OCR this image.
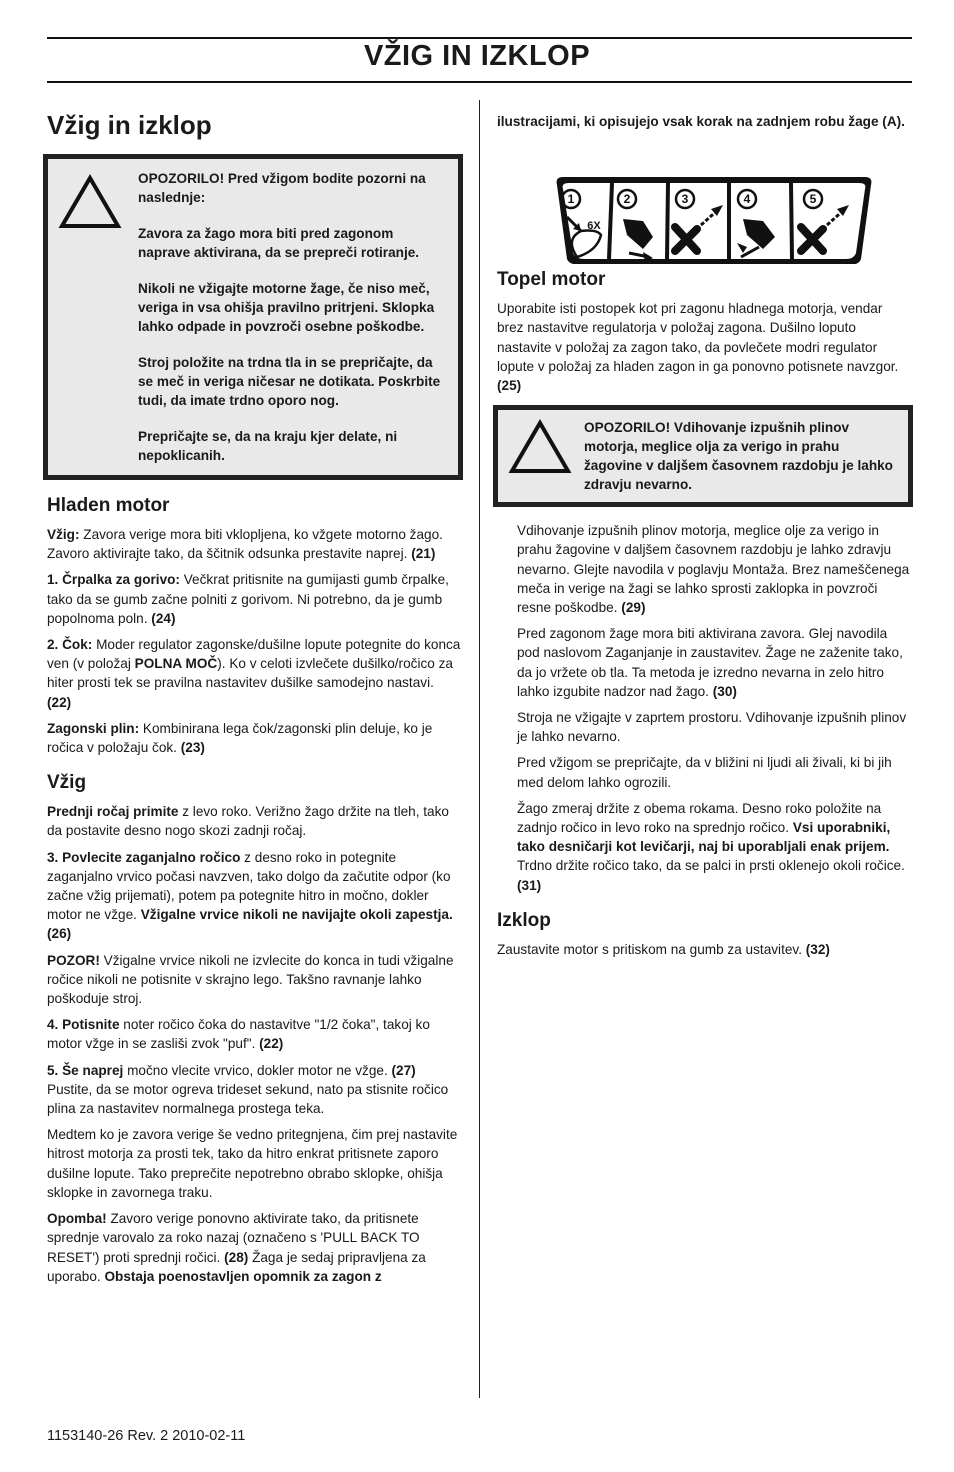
VŽIG IN IZKLOP
Vžig in izklop
OPOZORILO! Pred vžigom bodite pozorni na naslednje:
Zavora za žago mora biti pred zagonom naprave aktivirana, da se prepreči rotiranje.
Nikoli ne vžigajte motorne žage, če niso meč, veriga in vsa ohišja pravilno pritrjeni. Sklopka lahko odpade in povzroči osebne poškodbe.
Stroj položite na trdna tla in se prepričajte, da se meč in veriga ničesar ne dotikata. Poskrbite tudi, da imate trdno oporo nog.
Prepričajte se, da na kraju kjer delate, ni nepoklicanih.
Hladen motor

Vžig: Zavora verige mora biti vklopljena, ko vžgete motorno žago. Zavoro aktivirajte tako, da ščitnik odsunka prestavite naprej. (21)

1. Črpalka za gorivo: Večkrat pritisnite na gumijasti gumb črpalke, tako da se gumb začne polniti z gorivom. Ni potrebno, da je gumb popolnoma poln. (24)

2. Čok: Moder regulator zagonske/dušilne lopute potegnite do konca ven (v položaj POLNA MOČ). Ko v celoti izvlečete dušilko/ročico za hiter prosti tek se pravilna nastavitev dušilke samodejno nastavi. (22)

Zagonski plin: Kombinirana lega čok/zagonski plin deluje, ko je ročica v položaju čok. (23)

Vžig

Prednji ročaj primite z levo roko. Verižno žago držite na tleh, tako da postavite desno nogo skozi zadnji ročaj.

3. Povlecite zaganjalno ročico z desno roko in potegnite zaganjalno vrvico počasi navzven, tako dolgo da začutite odpor (ko začne vžig prijemati), potem pa potegnite hitro in močno, dokler motor ne vžge. Vžigalne vrvice nikoli ne navijajte okoli zapestja. (26)

POZOR! Vžigalne vrvice nikoli ne izvlecite do konca in tudi vžigalne ročice nikoli ne potisnite v skrajno lego. Takšno ravnanje lahko poškoduje stroj.

4. Potisnite noter ročico čoka do nastavitve "1/2 čoka", takoj ko motor vžge in se zasliši zvok "puf". (22)

5. Še naprej močno vlecite vrvico, dokler motor ne vžge. (27) Pustite, da se motor ogreva trideset sekund, nato pa stisnite ročico plina za nastavitev normalnega prostega teka.

Medtem ko je zavora verige še vedno pritegnjena, čim prej nastavite hitrost motorja za prosti tek, tako da hitro enkrat pritisnete zaporo dušilne lopute. Tako preprečite nepotrebno obrabo sklopke, ohišja sklopke in zavornega traku.

Opomba! Zavoro verige ponovno aktivirate tako, da pritisnete sprednje varovalo za roko nazaj (označeno s 'PULL BACK TO RESET') proti sprednji ročici. (28) Žaga je sedaj pripravljena za uporabo. Obstaja poenostavljen opomnik za zagon z

ilustracijami, ki opisujejo vsak korak na zadnjem robu žage (A).

1	2	3	4	5
6X
Topel motor

Uporabite isti postopek kot pri zagonu hladnega motorja, vendar brez nastavitve regulatorja v položaj zagona. Dušilno loputo nastavite v položaj za zagon tako, da povlečete modri regulator lopute v položaj za hladen zagon in ga ponovno potisnete navzgor. (25)

OPOZORILO! Vdihovanje izpušnih plinov motorja, meglice olja za verigo in prahu žagovine v daljšem časovnem razdobju je lahko zdravju nevarno.

Vdihovanje izpušnih plinov motorja, meglice olje za verigo in prahu žagovine v daljšem časovnem razdobju je lahko zdravju nevarno. Glejte navodila v poglavju Montaža. Brez nameščenega meča in verige na žagi se lahko sprosti zaklopka in povzroči resne poškodbe. (29)

Pred zagonom žage mora biti aktivirana zavora. Glej navodila pod naslovom Zaganjanje in zaustavitev. Žage ne zaženite tako, da jo vržete ob tla. Ta metoda je izredno nevarna in zelo hitro lahko izgubite nadzor nad žago. (30)

Stroja ne vžigajte v zaprtem prostoru. Vdihovanje izpušnih plinov je lahko nevarno.

Pred vžigom se prepričajte, da v bližini ni ljudi ali živali, ki bi jih med delom lahko ogrozili.

Žago zmeraj držite z obema rokama. Desno roko položite na zadnjo ročico in levo roko na sprednjo ročico. Vsi uporabniki, tako desničarji kot levičarji, naj bi uporabljali enak prijem. Trdno držite ročico tako, da se palci in prsti oklenejo okoli ročice. (31)

Izklop

Zaustavite motor s pritiskom na gumb za ustavitev. (32)

1153140-26 Rev. 2 2010-02-11
